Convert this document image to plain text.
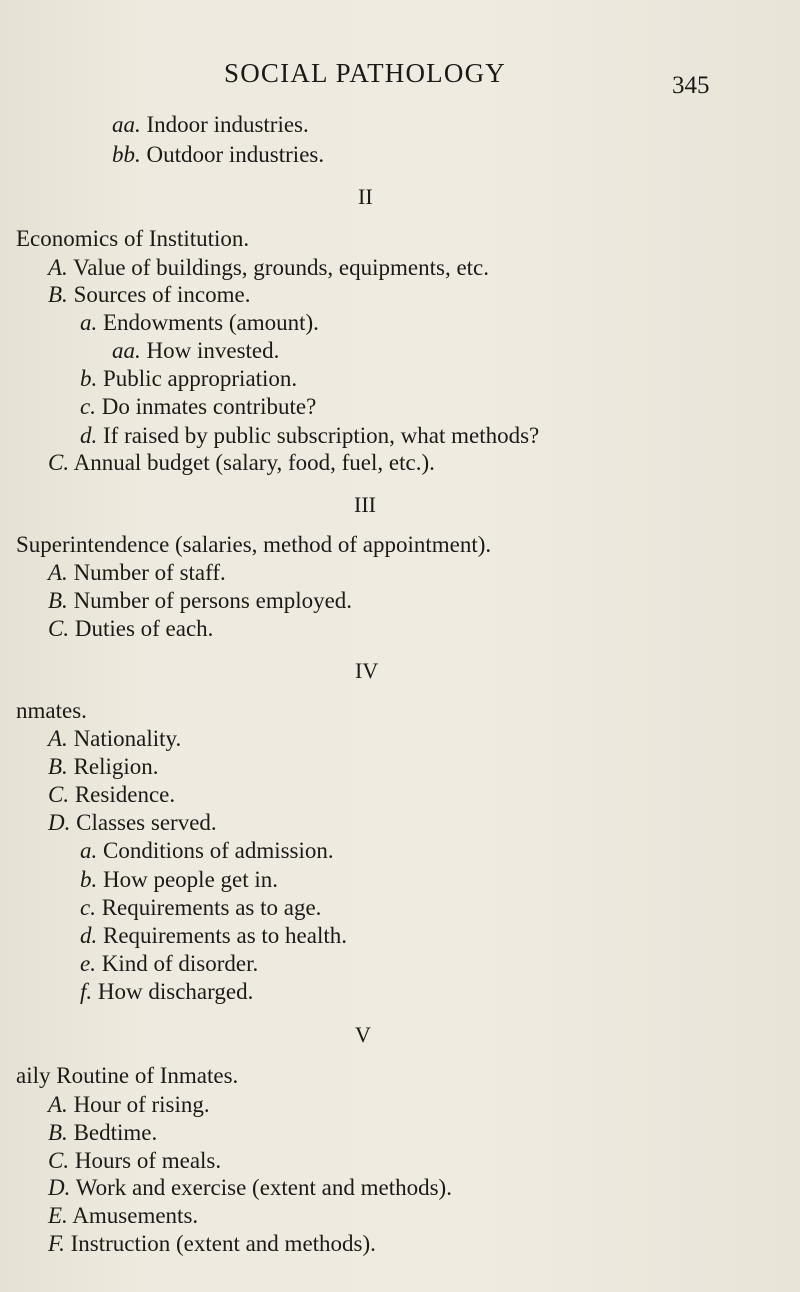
SOCIAL PATHOLOGY	345
aa. Indoor industries.
bb. Outdoor industries.
II
Economics of Institution.
A. Value of buildings, grounds, equipments, etc.
B. Sources of income.
a. Endowments (amount).
aa. How invested.
b. Public appropriation.
c. Do inmates contribute?
d. If raised by public subscription, what methods?
C. Annual budget (salary, food, fuel, etc.).
III
Superintendence (salaries, method of appointment).
A. Number of staff.
B. Number of persons employed.
C. Duties of each.
IV
nmates.
A. Nationality.
B. Religion.
C. Residence.
D. Classes served.
a. Conditions of admission.
b. How people get in.
c. Requirements as to age.
d. Requirements as to health.
e. Kind of disorder.
f. How discharged.
V
aily Routine of Inmates.
A. Hour of rising.
B. Bedtime.
C. Hours of meals.
D. Work and exercise (extent and methods).
E. Amusements.
F. Instruction (extent and methods).
